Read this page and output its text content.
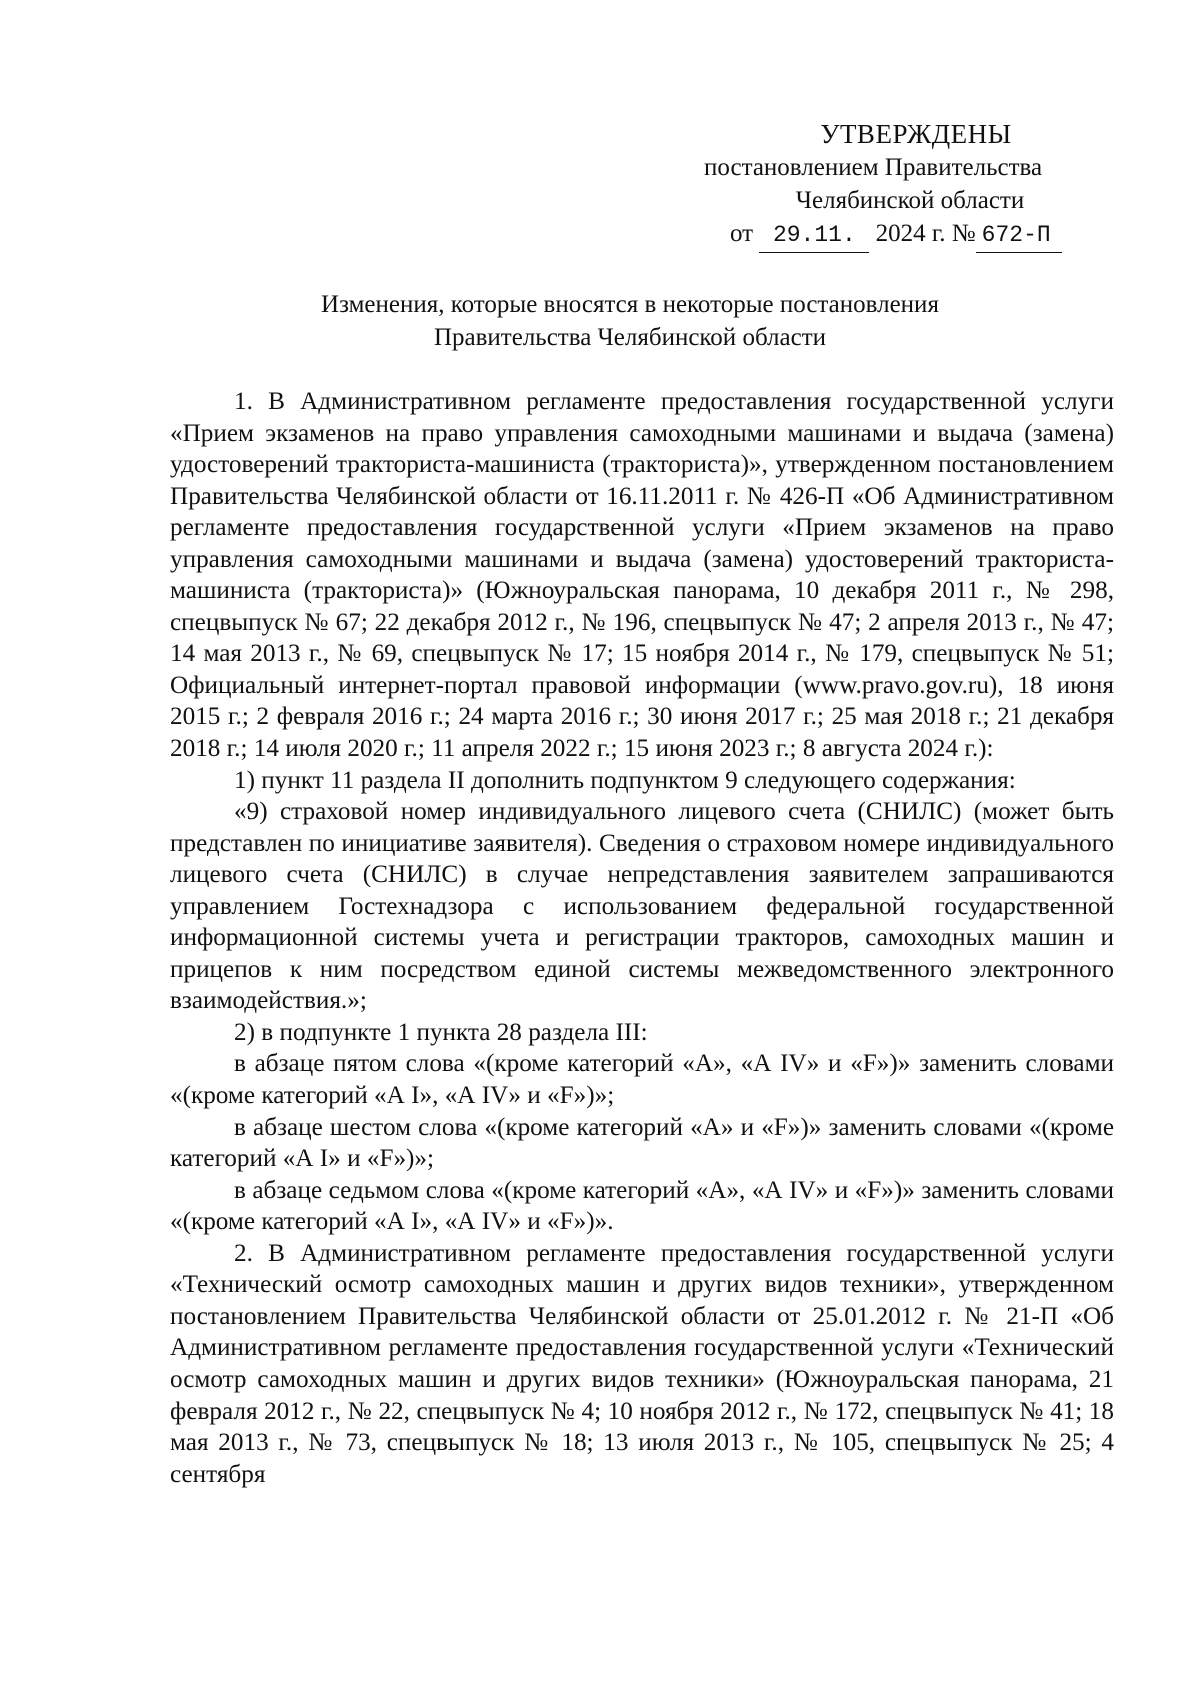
УТВЕРЖДЕНЫ
постановлением Правительства
Челябинской области
от 29.11. 2024 г. № 672-П
Изменения, которые вносятся в некоторые постановления
Правительства Челябинской области

1. В Административном регламенте предоставления государственной услуги «Прием экзаменов на право управления самоходными машинами и выдача (замена) удостоверений тракториста-машиниста (тракториста)», утвержденном постановлением Правительства Челябинской области от 16.11.2011 г. № 426-П «Об Административном регламенте предоставления государственной услуги «Прием экзаменов на право управления самоходными машинами и выдача (замена) удостоверений тракториста-машиниста (тракториста)» (Южноуральская панорама, 10 декабря 2011 г., № 298, спецвыпуск № 67; 22 декабря 2012 г., № 196, спецвыпуск № 47; 2 апреля 2013 г., № 47; 14 мая 2013 г., № 69, спецвыпуск № 17; 15 ноября 2014 г., № 179, спецвыпуск № 51; Официальный интернет-портал правовой информации (www.pravo.gov.ru), 18 июня 2015 г.; 2 февраля 2016 г.; 24 марта 2016 г.; 30 июня 2017 г.; 25 мая 2018 г.; 21 декабря 2018 г.; 14 июля 2020 г.; 11 апреля 2022 г.; 15 июня 2023 г.; 8 августа 2024 г.):

1) пункт 11 раздела II дополнить подпунктом 9 следующего содержания:

«9) страховой номер индивидуального лицевого счета (СНИЛС) (может быть представлен по инициативе заявителя). Сведения о страховом номере индивидуального лицевого счета (СНИЛС) в случае непредставления заявителем запрашиваются управлением Гостехнадзора с использованием федеральной государственной информационной системы учета и регистрации тракторов, самоходных машин и прицепов к ним посредством единой системы межведомственного электронного взаимодействия.»;

2) в подпункте 1 пункта 28 раздела III:

в абзаце пятом слова «(кроме категорий «А», «А IV» и «F»)» заменить словами «(кроме категорий «А I», «А IV» и «F»)»;

в абзаце шестом слова «(кроме категорий «А» и «F»)» заменить словами «(кроме категорий «А I» и «F»)»;

в абзаце седьмом слова «(кроме категорий «А», «А IV» и «F»)» заменить словами «(кроме категорий «А I», «А IV» и «F»)».

2. В Административном регламенте предоставления государственной услуги «Технический осмотр самоходных машин и других видов техники», утвержденном постановлением Правительства Челябинской области от 25.01.2012 г. № 21-П «Об Административном регламенте предоставления государственной услуги «Технический осмотр самоходных машин и других видов техники» (Южноуральская панорама, 21 февраля 2012 г., № 22, спецвыпуск № 4; 10 ноября 2012 г., № 172, спецвыпуск № 41; 18 мая 2013 г., № 73, спецвыпуск № 18; 13 июля 2013 г., № 105, спецвыпуск № 25; 4 сентября
